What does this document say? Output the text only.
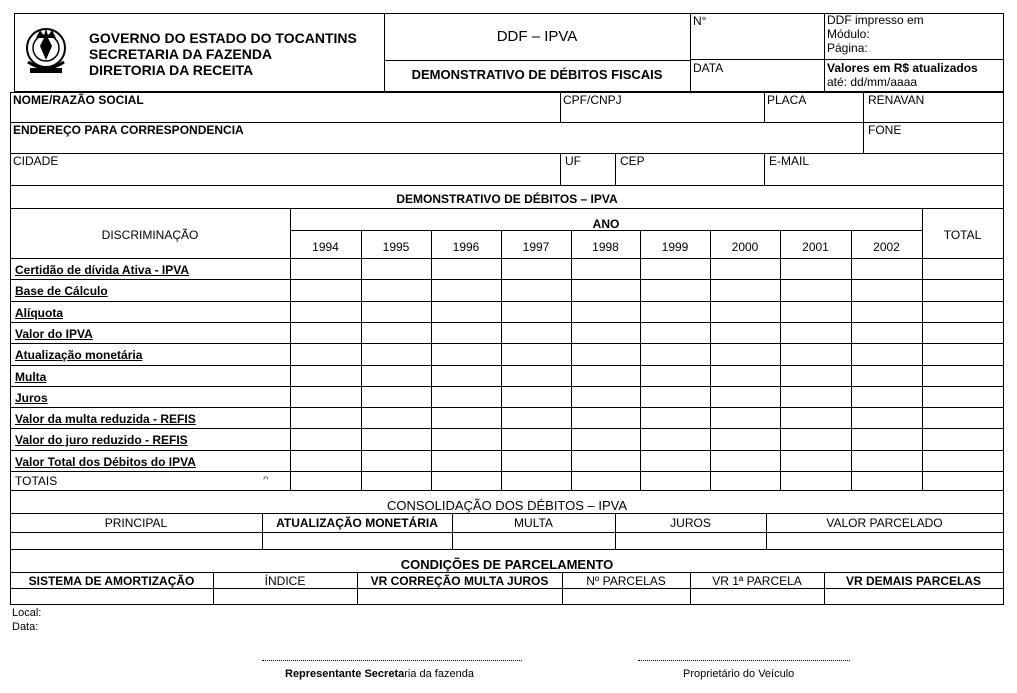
GOVERNO DO ESTADO DO TOCANTINS
SECRETARIA DA FAZENDA
DIRETORIA DA RECEITA
DDF – IPVA
DEMONSTRATIVO DE DÉBITOS FISCAIS
N°
DATA
DDF impresso em
Módulo:
Página:
Valores em R$ atualizados
até: dd/mm/aaaa
NOME/RAZÃO SOCIAL	CPF/CNPJ	PLACA	RENAVAN
ENDEREÇO PARA CORRESPONDENCIA	FONE
CIDADE	UF	CEP	E-MAIL
DEMONSTRATIVO DE DÉBITOS – IPVA
DISCRIMINAÇÃO
ANO
TOTAL
1994	1995	1996	1997	1998	1999	2000	2001	2002
Certidão de dívida Ativa - IPVA
Base de Cálculo
Alíquota
Valor do IPVA
Atualização monetária
Multa
Juros
Valor da multa reduzida - REFIS
Valor do juro reduzido - REFIS
Valor Total dos Débitos do IPVA
TOTAIS	ᴖ
CONSOLIDAÇÃO DOS DÉBITOS – IPVA
PRINCIPAL	ATUALIZAÇÃO MONETÁRIA	MULTA	JUROS	VALOR PARCELADO
CONDIÇÕES DE PARCELAMENTO
SISTEMA DE AMORTIZAÇÃO	ÍNDICE	VR CORREÇÃO MULTA JUROS	Nº PARCELAS	VR 1ª PARCELA	VR DEMAIS PARCELAS
Local:
Data:
Representante Secretaria da fazenda	Proprietário do Veículo
